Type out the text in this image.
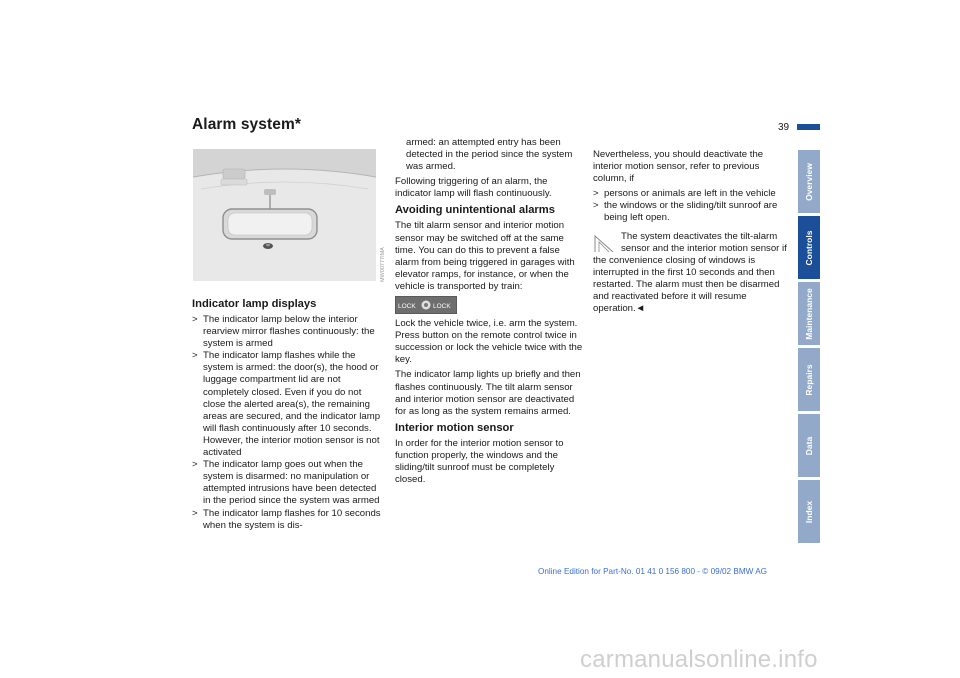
Alarm system*	39
MW00777IMA
Indicator lamp displays
> The indicator lamp below the interior rearview mirror flashes continuously: the system is armed
> The indicator lamp flashes while the system is armed: the door(s), the hood or luggage compartment lid are not completely closed. Even if you do not close the alerted area(s), the remaining areas are secured, and the indicator lamp will flash continuously after 10 seconds. However, the interior motion sensor is not activated
> The indicator lamp goes out when the system is disarmed: no manipulation or attempted intrusions have been detected in the period since the system was armed
> The indicator lamp flashes for 10 seconds when the system is dis-

armed: an attempted entry has been detected in the period since the system was armed.

Following triggering of an alarm, the indicator lamp will flash continuously.

Avoiding unintentional alarms

The tilt alarm sensor and interior motion sensor may be switched off at the same time. You can do this to prevent a false alarm from being triggered in garages with elevator ramps, for instance, or when the vehicle is transported by train:

LOCK	LOCK

Lock the vehicle twice, i.e. arm the system. Press button on the remote control twice in succession or lock the vehicle twice with the key.

The indicator lamp lights up briefly and then flashes continuously. The tilt alarm sensor and interior motion sensor are deactivated for as long as the system remains armed.

Interior motion sensor

In order for the interior motion sensor to function properly, the windows and the sliding/tilt sunroof must be completely closed.

Nevertheless, you should deactivate the interior motion sensor, refer to previous column, if

> persons or animals are left in the vehicle
> the windows or the sliding/tilt sunroof are being left open.
The system deactivates the tilt-alarm sensor and the interior motion sensor if the convenience closing of windows is interrupted in the first 10 seconds and then restarted. The alarm must then be disarmed and reactivated before it will resume operation.◄
Overview
Controls
Maintenance
Repairs
Data
Index
Online Edition for Part-No. 01 41 0 156 800 - © 09/02 BMW AG
carmanualsonline.info
